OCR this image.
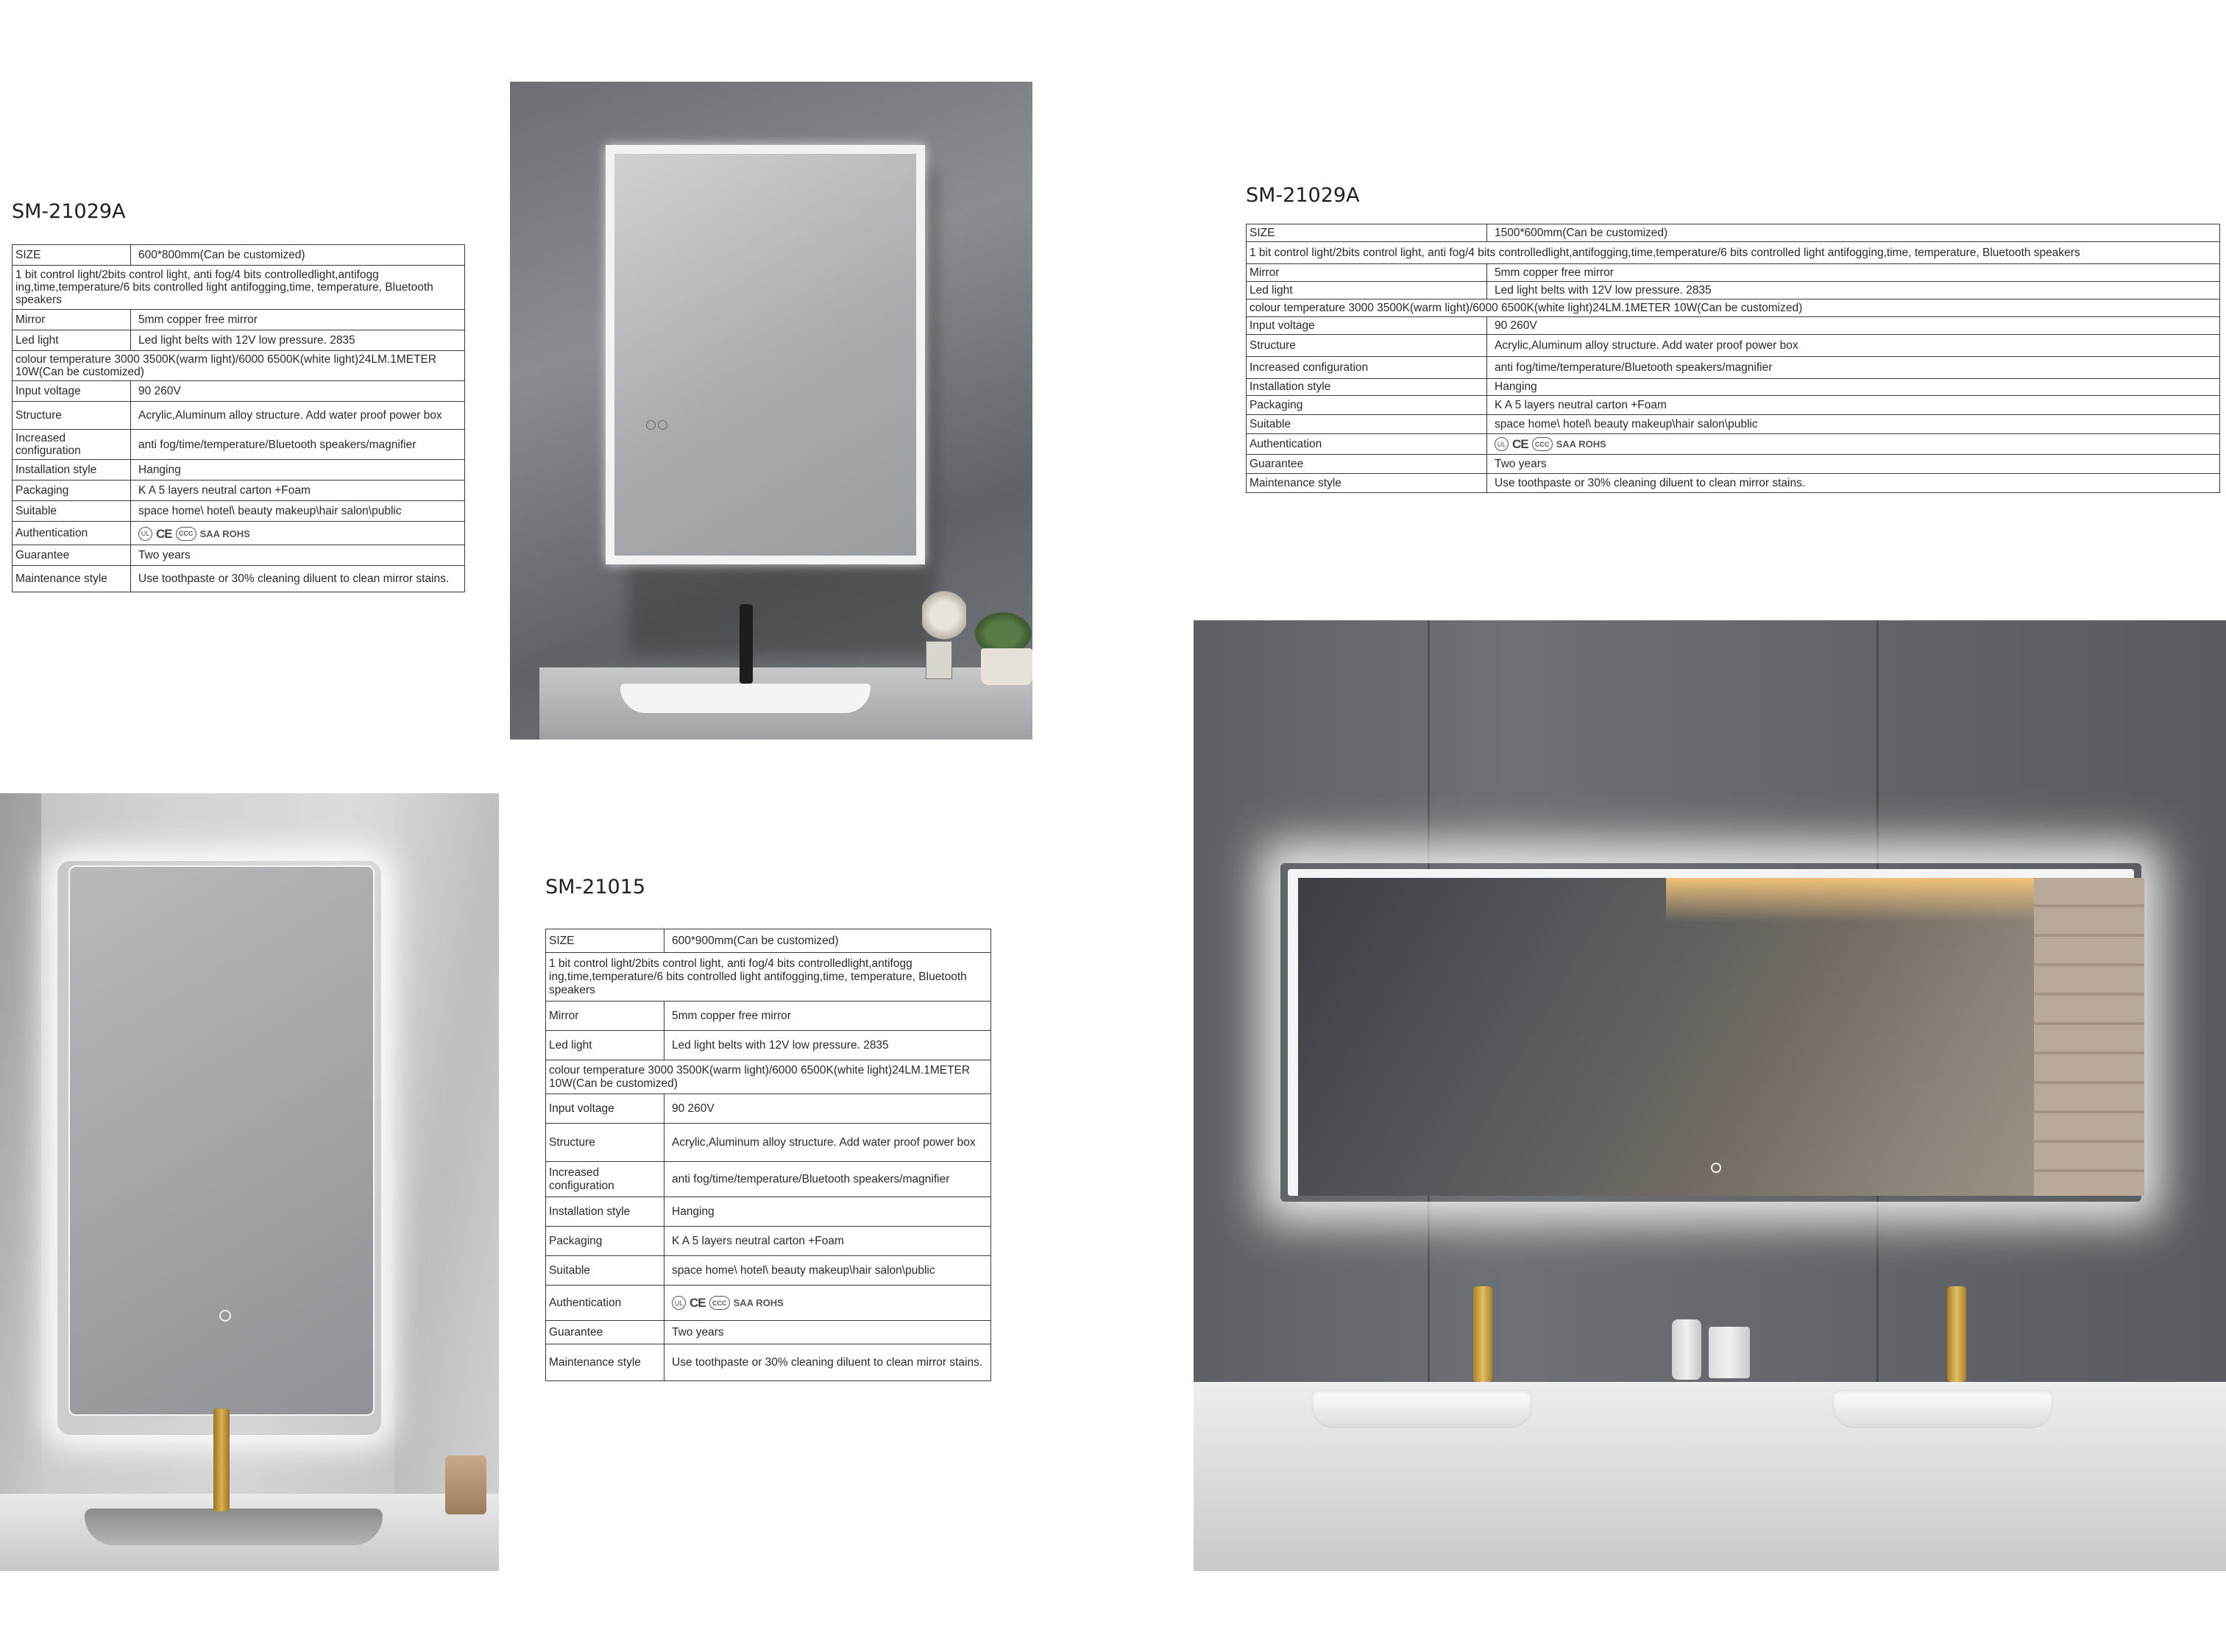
SM-21029A
SIZE	600*800mm(Can be customized)
1 bit control light/2bits control light, anti fog/4 bits controlledlight,antifogg ing,time,temperature/6 bits controlled light antifogging,time, temperature, Bluetooth speakers	
Mirror	5mm copper free mirror
Led light	Led light belts with 12V low pressure. 2835
colour temperature 3000 3500K(warm light)/6000 6500K(white light)24LM.1METER 10W(Can be customized)	
Input voltage	90 260V
Structure	Acrylic,Aluminum alloy structure. Add water proof power box
Increased configuration	anti fog/time/temperature/Bluetooth speakers/magnifier
Installation style	Hanging
Packaging	K A 5 layers neutral carton +Foam
Suitable	space home\ hotel\ beauty makeup\hair salon\public
Authentication	UL CE CCC SAA ROHS

Guarantee	Two years
Maintenance style	Use toothpaste or 30% cleaning diluent to clean mirror stains.
SM-21029A
SIZE	1500*600mm(Can be customized)
1 bit control light/2bits control light, anti fog/4 bits controlledlight,antifogging,time,temperature/6 bits controlled light antifogging,time, temperature, Bluetooth speakers	
Mirror	5mm copper free mirror
Led light	Led light belts with 12V low pressure. 2835
colour temperature 3000 3500K(warm light)/6000 6500K(white light)24LM.1METER 10W(Can be customized)	
Input voltage	90 260V
Structure	Acrylic,Aluminum alloy structure. Add water proof power box
Increased configuration	anti fog/time/temperature/Bluetooth speakers/magnifier
Installation style	Hanging
Packaging	K A 5 layers neutral carton +Foam
Suitable	space home\ hotel\ beauty makeup\hair salon\public
Authentication	UL CE CCC SAA ROHS

Guarantee	Two years
Maintenance style	Use toothpaste or 30% cleaning diluent to clean mirror stains.
SM-21015
SIZE	600*900mm(Can be customized)
1 bit control light/2bits control light, anti fog/4 bits controlledlight,antifogg ing,time,temperature/6 bits controlled light antifogging,time, temperature, Bluetooth speakers	
Mirror	5mm copper free mirror
Led light	Led light belts with 12V low pressure. 2835
colour temperature 3000 3500K(warm light)/6000 6500K(white light)24LM.1METER 10W(Can be customized)	
Input voltage	90 260V
Structure	Acrylic,Aluminum alloy structure. Add water proof power box
Increased configuration	anti fog/time/temperature/Bluetooth speakers/magnifier
Installation style	Hanging
Packaging	K A 5 layers neutral carton +Foam
Suitable	space home\ hotel\ beauty makeup\hair salon\public
Authentication	UL CE CCC SAA ROHS

Guarantee	Two years
Maintenance style	Use toothpaste or 30% cleaning diluent to clean mirror stains.
